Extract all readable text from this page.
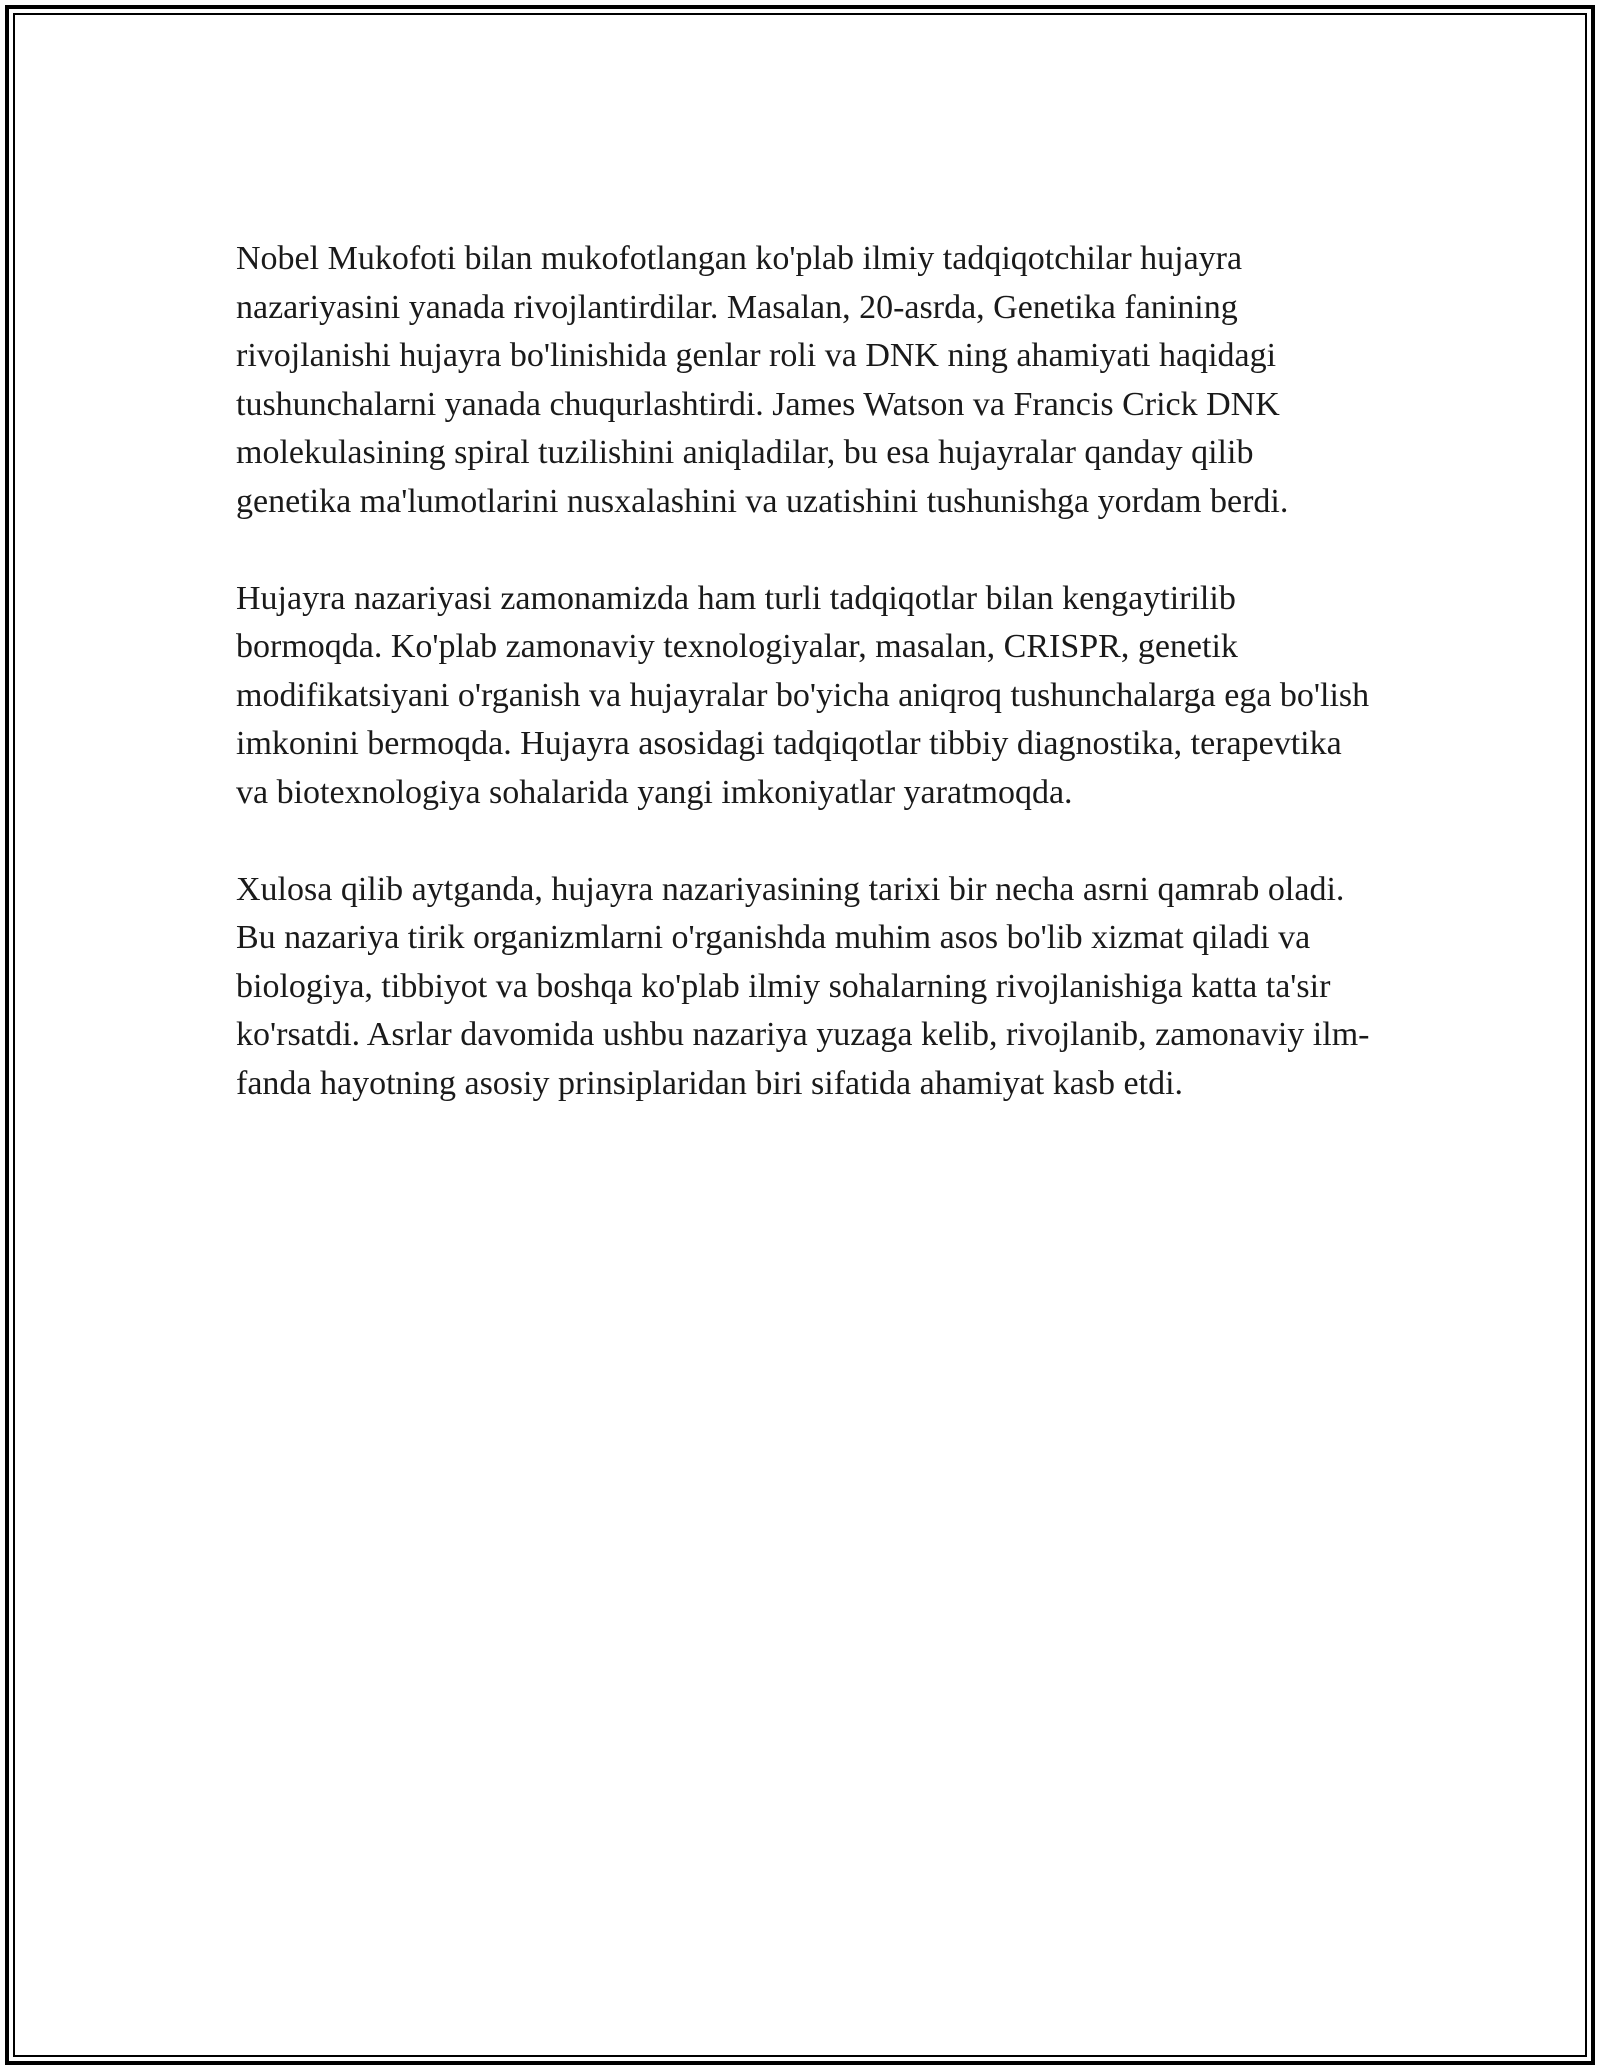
Nobel Mukofoti bilan mukofotlangan ko'plab ilmiy tadqiqotchilar hujayra nazariyasini yanada rivojlantirdilar. Masalan, 20-asrda, Genetika fanining rivojlanishi hujayra bo'linishida genlar roli va DNK ning ahamiyati haqidagi tushunchalarni yanada chuqurlashtirdi. James Watson va Francis Crick DNK molekulasining spiral tuzilishini aniqladilar, bu esa hujayralar qanday qilib genetika ma'lumotlarini nusxalashini va uzatishini tushunishga yordam berdi.

Hujayra nazariyasi zamonamizda ham turli tadqiqotlar bilan kengaytirilib bormoqda. Ko'plab zamonaviy texnologiyalar, masalan, CRISPR, genetik modifikatsiyani o'rganish va hujayralar bo'yicha aniqroq tushunchalarga ega bo'lish imkonini bermoqda. Hujayra asosidagi tadqiqotlar tibbiy diagnostika, terapevtika va biotexnologiya sohalarida yangi imkoniyatlar yaratmoqda.

Xulosa qilib aytganda, hujayra nazariyasining tarixi bir necha asrni qamrab oladi. Bu nazariya tirik organizmlarni o'rganishda muhim asos bo'lib xizmat qiladi va biologiya, tibbiyot va boshqa ko'plab ilmiy sohalarning rivojlanishiga katta ta'sir ko'rsatdi. Asrlar davomida ushbu nazariya yuzaga kelib, rivojlanib, zamonaviy ilm-fanda hayotning asosiy prinsiplaridan biri sifatida ahamiyat kasb etdi.
